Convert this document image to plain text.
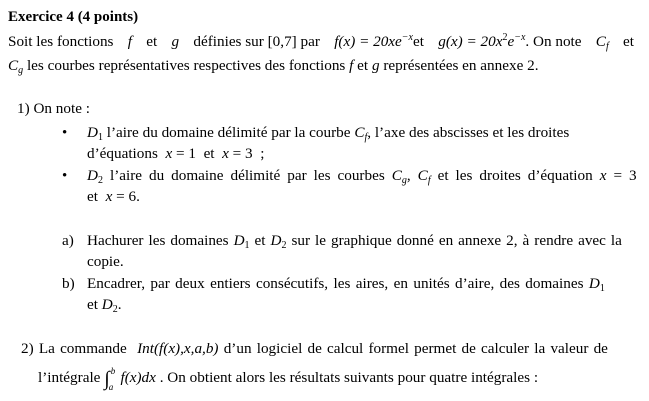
Exercice 4 (4 points)
Soit les fonctions f et g définies sur [0,7] par $f(x) = 20xe^{-x}et$ $g(x) = 20x^2e^{-x}$. On note $C_f$ et
$C_g$ les courbes représentatives respectives des fonctions f et g représentées en annexe 2.
1) On note :
• $D_1$ l’aire du domaine délimité par la courbe $C_f$, l’axe des abscisses et les droites
d’équations x = 1 et x = 3 ;
• $D_2$ l’aire du domaine délimité par les courbes $C_g$, $C_f$ et les droites d’équation x = 3
et x = 6.
a) Hachurer les domaines $D_1$ et $D_2$ sur le graphique donné en annexe 2, à rendre avec la
copie.
b) Encadrer, par deux entiers consécutifs, les aires, en unités d’aire, des domaines $D_1$
et $D_2$.
2) La commande Int(f(x),x,a,b) d’un logiciel de calcul formel permet de calculer la valeur de
l’intégrale ∫ b
a
f(x)dx . On obtient alors les résultats suivants pour quatre intégrales :
